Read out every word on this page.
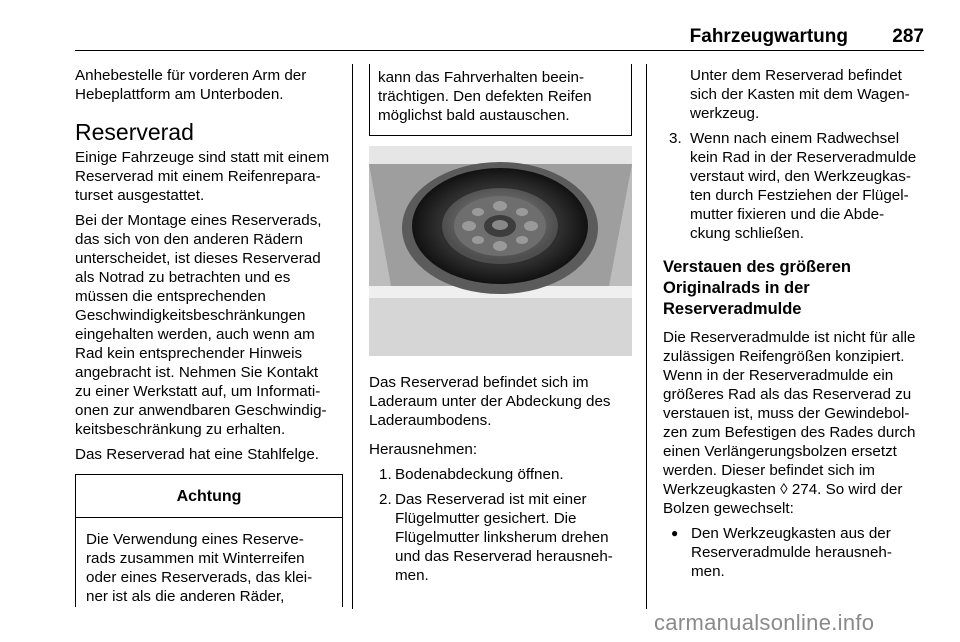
Fahrzeugwartung 287

Anhebestelle für vorderen Arm der
Hebeplattform am Unterboden.

Reserverad

Einige Fahrzeuge sind statt mit einem
Reserverad mit einem Reifenrepara-
turset ausgestattet.

Bei der Montage eines Reserverads,
das sich von den anderen Rädern
unterscheidet, ist dieses Reserverad
als Notrad zu betrachten und es
müssen die entsprechenden
Geschwindigkeitsbeschränkungen
eingehalten werden, auch wenn am
Rad kein entsprechender Hinweis
angebracht ist. Nehmen Sie Kontakt
zu einer Werkstatt auf, um Informati-
onen zur anwendbaren Geschwindig-
keitsbeschränkung zu erhalten.

Das Reserverad hat eine Stahlfelge.

Achtung
Die Verwendung eines Reserve-
rads zusammen mit Winterreifen
oder eines Reserverads, das klei-
ner ist als die anderen Räder,
kann das Fahrverhalten beein-
trächtigen. Den defekten Reifen
möglichst bald austauschen.

Das Reserverad befindet sich im
Laderaum unter der Abdeckung des
Laderaumbodens.

Herausnehmen:

1. Bodenabdeckung öffnen.
2. Das Reserverad ist mit einer
Flügelmutter gesichert. Die
Flügelmutter linksherum drehen
und das Reserverad herausneh-
men.
Unter dem Reserverad befindet
sich der Kasten mit dem Wagen-
werkzeug.
3. Wenn nach einem Radwechsel
kein Rad in der Reserveradmulde
verstaut wird, den Werkzeugkas-
ten durch Festziehen der Flügel-
mutter fixieren und die Abde-
ckung schließen.
Verstauen des größeren
Originalrads in der
Reserveradmulde

Die Reserveradmulde ist nicht für alle
zulässigen Reifengrößen konzipiert.
Wenn in der Reserveradmulde ein
größeres Rad als das Reserverad zu
verstauen ist, muss der Gewindebol-
zen zum Befestigen des Rades durch
einen Verlängerungsbolzen ersetzt
werden. Dieser befindet sich im
Werkzeugkasten ◊ 274. So wird der
Bolzen gewechselt:

● Den Werkzeugkasten aus der
Reserveradmulde herausneh-
men.
carmanualsonline.info
